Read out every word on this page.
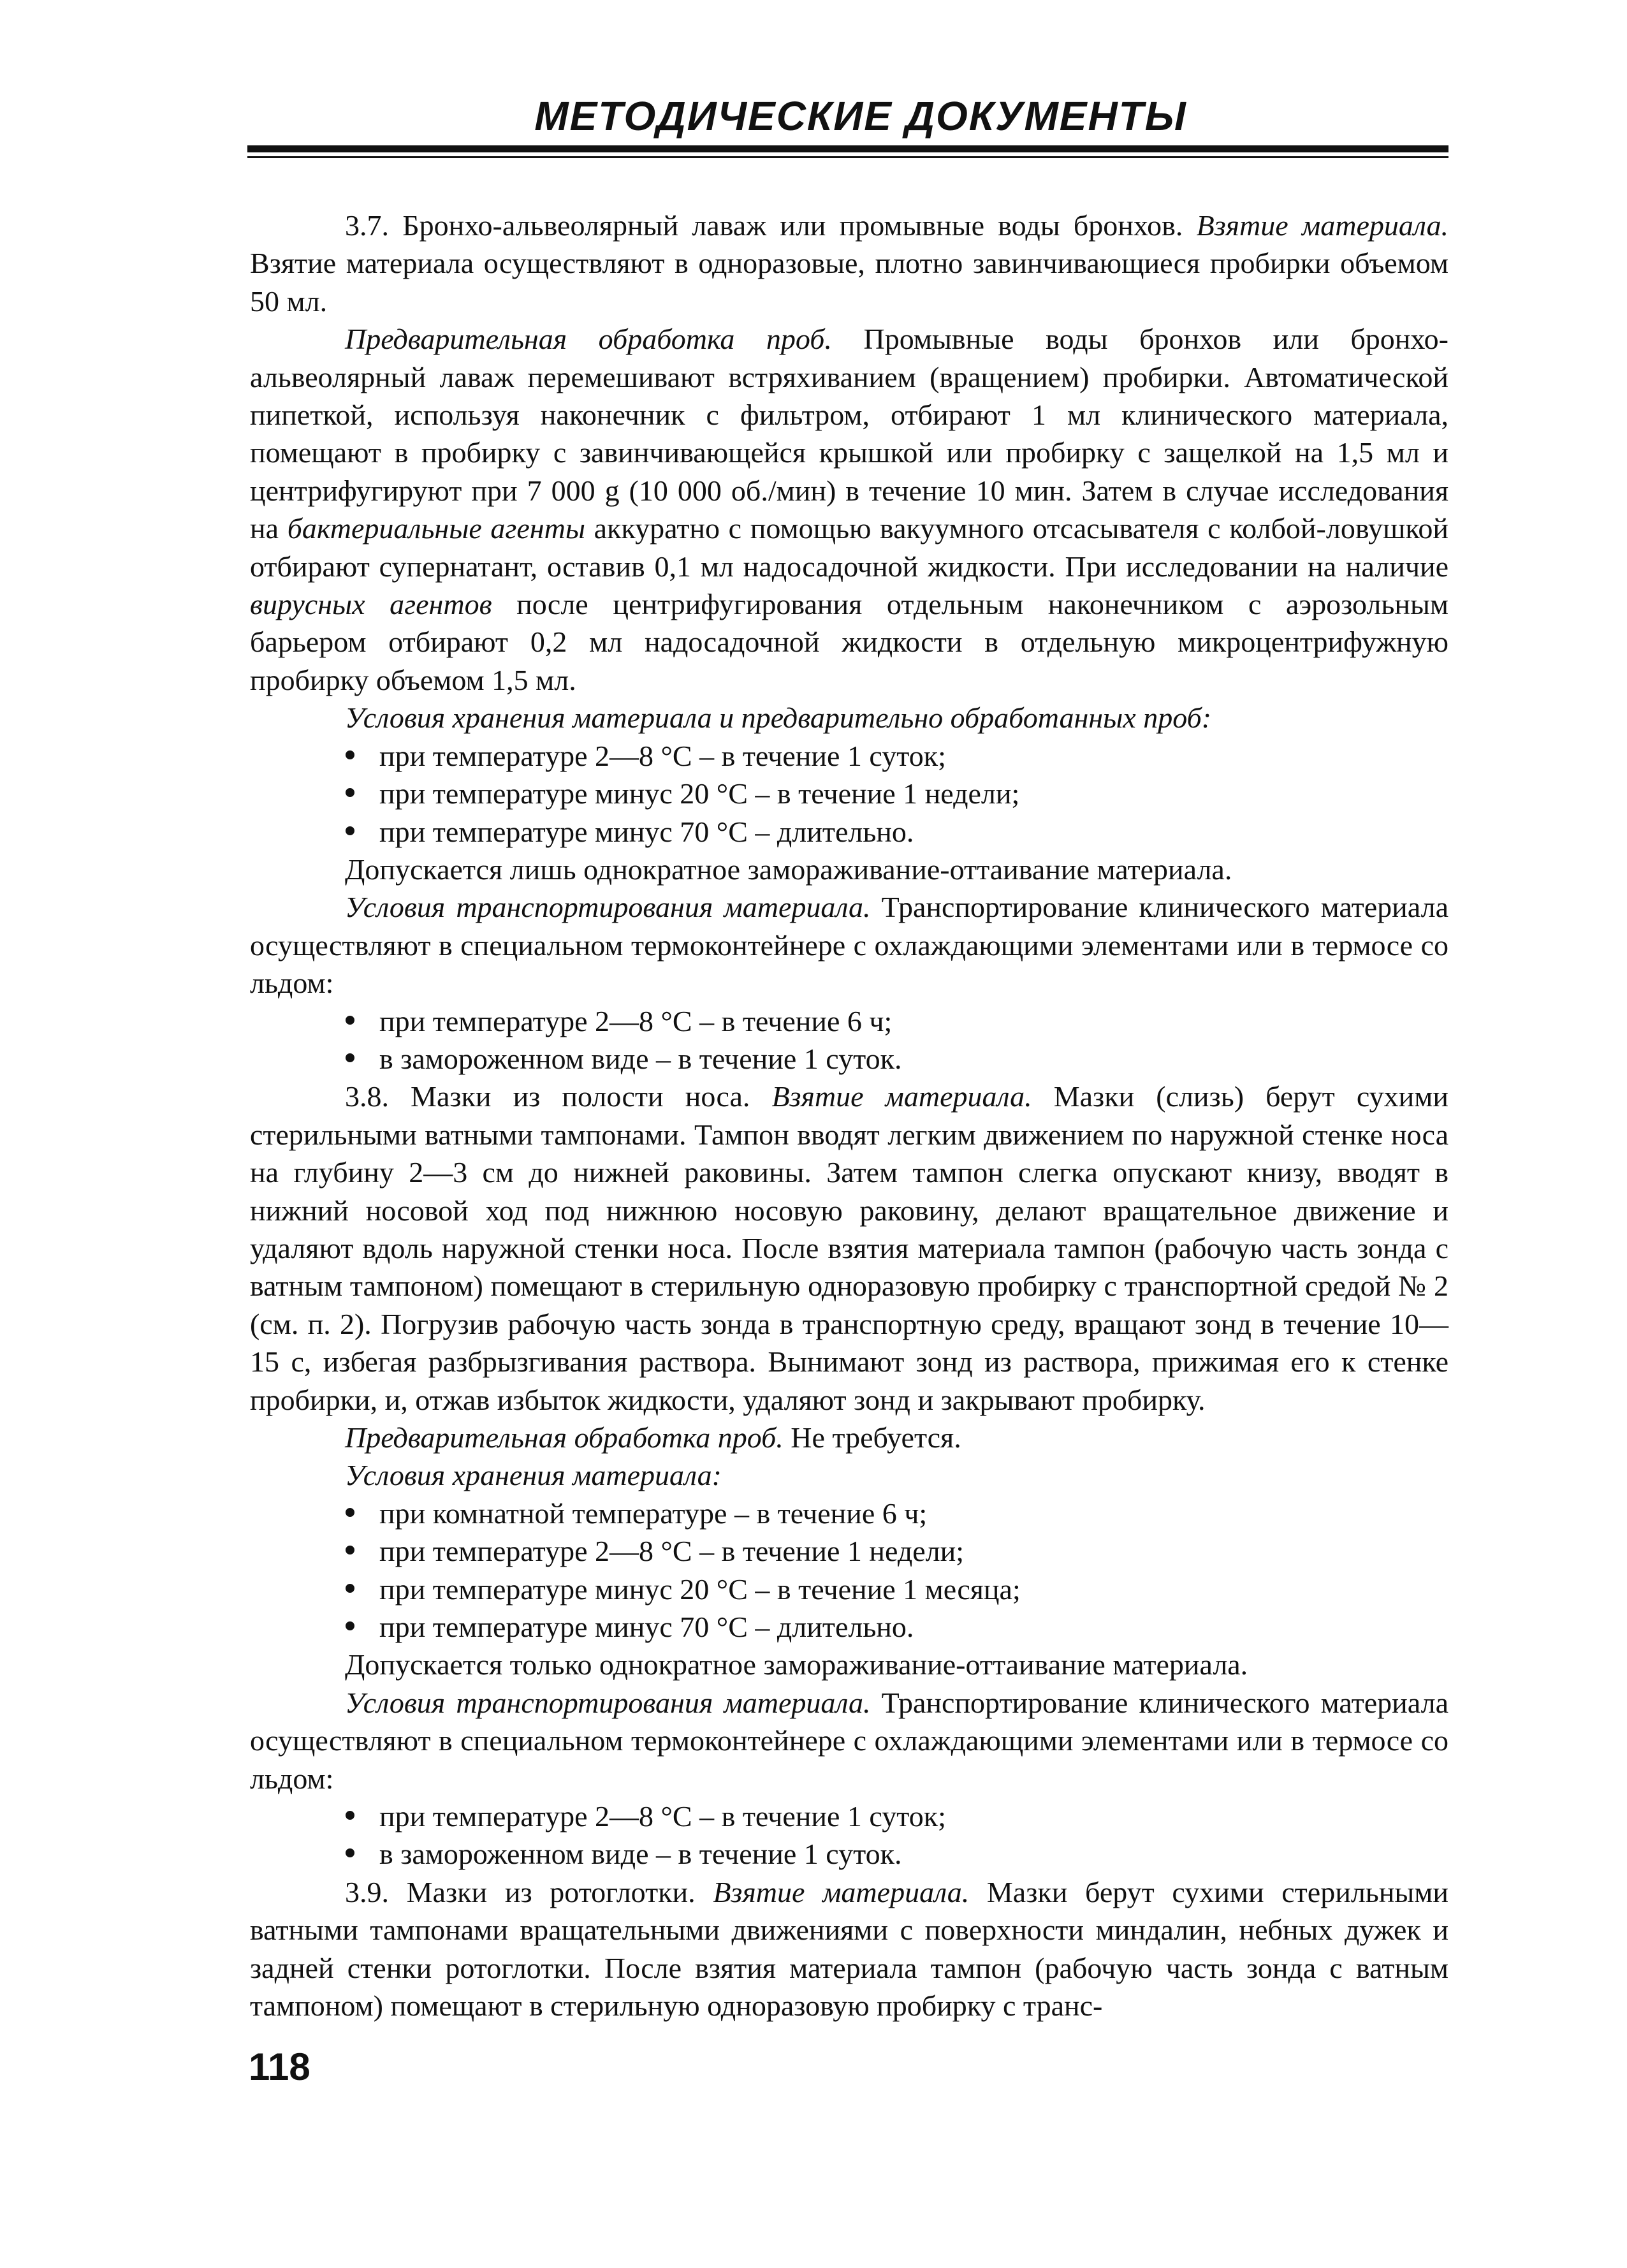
МЕТОДИЧЕСКИЕ ДОКУМЕНТЫ

3.7. Бронхо-альвеолярный лаваж или промывные воды бронхов. Взятие материала. Взятие материала осуществляют в одноразовые, плотно завинчивающиеся пробирки объемом 50 мл.

Предварительная обработка проб. Промывные воды бронхов или бронхо-альвеолярный лаваж перемешивают встряхиванием (вращением) пробирки. Автоматической пипеткой, используя наконечник с фильтром, отбирают 1 мл клинического материала, помещают в пробирку с завинчивающейся крышкой или пробирку с защелкой на 1,5 мл и центрифугируют при 7 000 g (10 000 об./мин) в течение 10 мин. Затем в случае исследования на бактериальные агенты аккуратно с помощью вакуумного отсасывателя с колбой-ловушкой отбирают супернатант, оставив 0,1 мл надосадочной жидкости. При исследовании на наличие вирусных агентов после центрифугирования отдельным наконечником с аэрозольным барьером отбирают 0,2 мл надосадочной жидкости в отдельную микроцентрифужную пробирку объемом 1,5 мл.

Условия хранения материала и предварительно обработанных проб:

при температуре 2—8 °С – в течение 1 суток;
при температуре минус 20 °С – в течение 1 недели;
при температуре минус 70 °С – длительно.

Допускается лишь однократное замораживание-оттаивание материала.

Условия транспортирования материала. Транспортирование клинического материала осуществляют в специальном термоконтейнере с охлаждающими элементами или в термосе со льдом:

при температуре 2—8 °С – в течение 6 ч;
в замороженном виде – в течение 1 суток.

3.8. Мазки из полости носа. Взятие материала. Мазки (слизь) берут сухими стерильными ватными тампонами. Тампон вводят легким движением по наружной стенке носа на глубину 2—3 см до нижней раковины. Затем тампон слегка опускают книзу, вводят в нижний носовой ход под нижнюю носовую раковину, делают вращательное движение и удаляют вдоль наружной стенки носа. После взятия материала тампон (рабочую часть зонда с ватным тампоном) помещают в стерильную одноразовую пробирку с транспортной средой № 2 (см. п. 2). Погрузив рабочую часть зонда в транспортную среду, вращают зонд в течение 10—15 с, избегая разбрызгивания раствора. Вынимают зонд из раствора, прижимая его к стенке пробирки, и, отжав избыток жидкости, удаляют зонд и закрывают пробирку.

Предварительная обработка проб. Не требуется.

Условия хранения материала:

при комнатной температуре – в течение 6 ч;
при температуре 2—8 °С – в течение 1 недели;
при температуре минус 20 °С – в течение 1 месяца;
при температуре минус 70 °С – длительно.

Допускается только однократное замораживание-оттаивание материала.

Условия транспортирования материала. Транспортирование клинического материала осуществляют в специальном термоконтейнере с охлаждающими элементами или в термосе со льдом:

при температуре 2—8 °С – в течение 1 суток;
в замороженном виде – в течение 1 суток.

3.9. Мазки из ротоглотки. Взятие материала. Мазки берут сухими стерильными ватными тампонами вращательными движениями с поверхности миндалин, небных дужек и задней стенки ротоглотки. После взятия материала тампон (рабочую часть зонда с ватным тампоном) помещают в стерильную одноразовую пробирку с транс-

118
